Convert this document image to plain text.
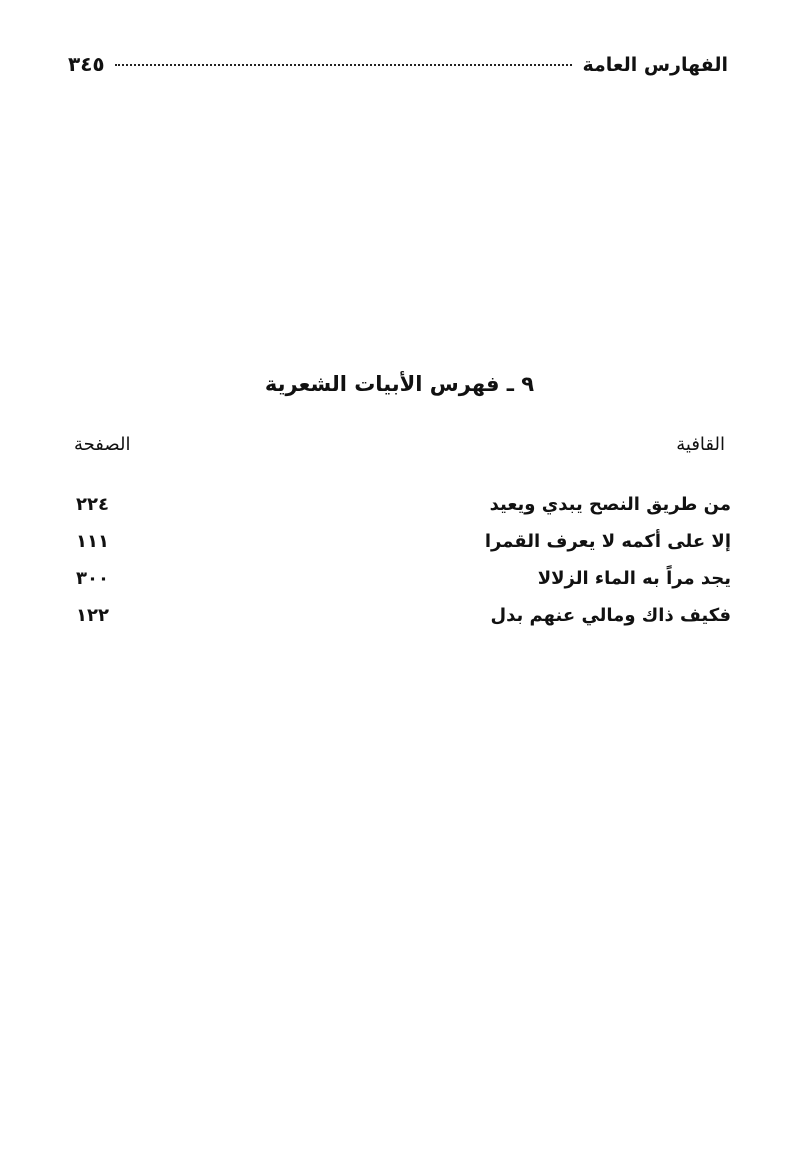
الفهارس العامة
٣٤٥
٩ ـ فهرس الأبيات الشعرية
القافية
الصفحة
من طريق النصح يبدي ويعيد
٢٢٤
إلا على أكمه لا يعرف القمرا
١١١
يجد مراً به الماء الزلالا
٣٠٠
فكيف ذاك ومالي عنهم بدل
١٢٢
